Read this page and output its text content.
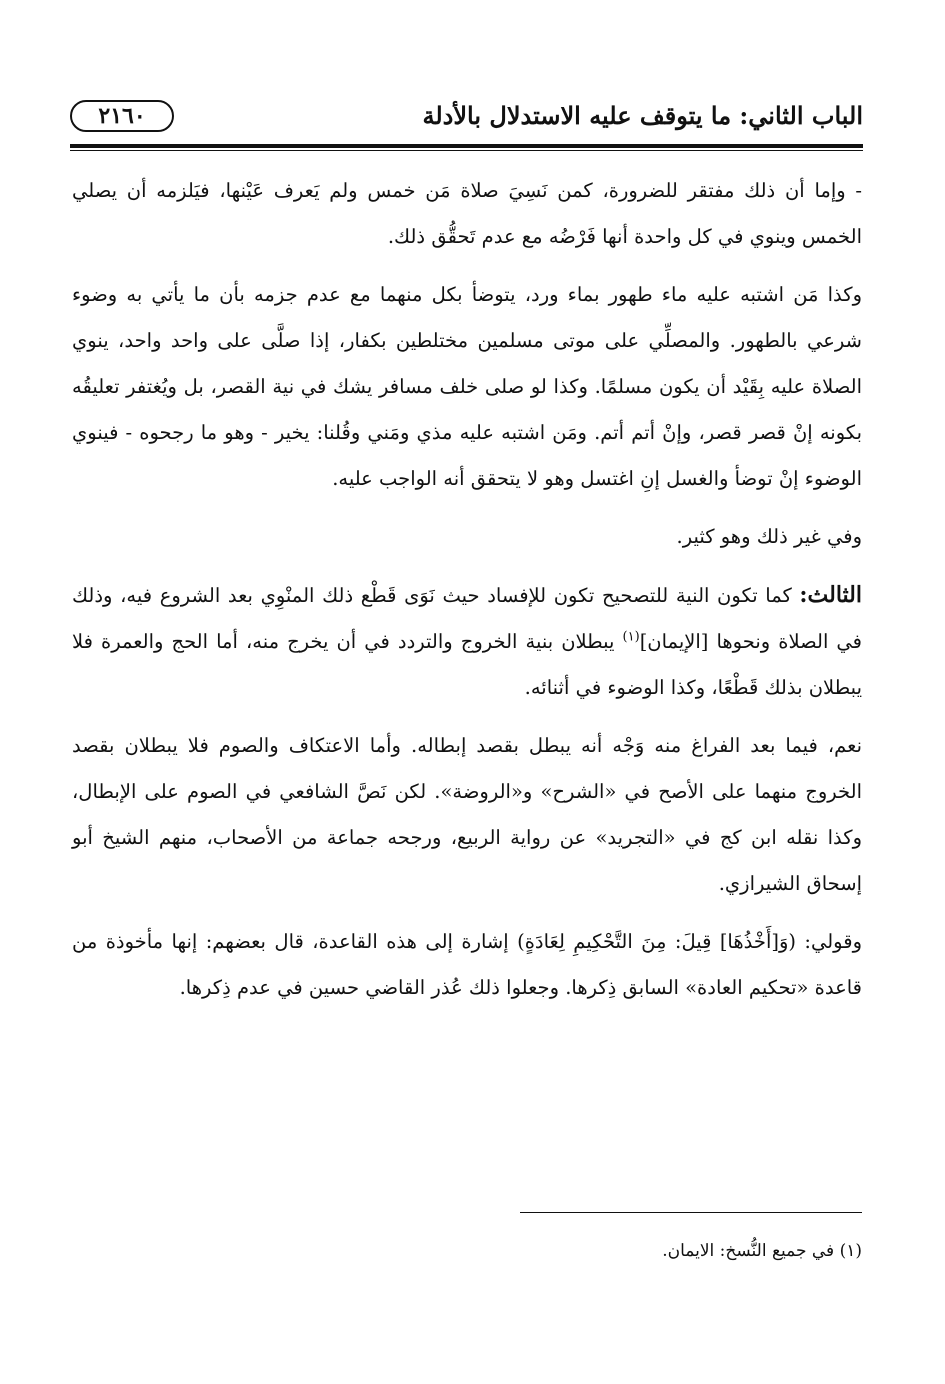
الباب الثاني: ما يتوقف عليه الاستدلال بالأدلة
٢١٦٠

- وإما أن ذلك مفتقر للضرورة، كمن نَسِيَ صلاة مَن خمس ولم يَعرف عَيْنها، فيَلزمه أن يصلي الخمس وينوي في كل واحدة أنها فَرْضُه مع عدم تَحقُّق ذلك.

وكذا مَن اشتبه عليه ماء طهور بماء ورد، يتوضأ بكل منهما مع عدم جزمه بأن ما يأتي به وضوء شرعي بالطهور. والمصلِّي على موتى مسلمين مختلطين بكفار، إذا صلَّى على واحد واحد، ينوي الصلاة عليه بِقَيْد أن يكون مسلمًا. وكذا لو صلى خلف مسافر يشك في نية القصر، بل ويُغتفر تعليقُه بكونه إنْ قصر قصر، وإنْ أتم أتم. ومَن اشتبه عليه مذي ومَني وقُلنا: يخير - وهو ما رجحوه - فينوي الوضوء إنْ توضأ والغسل إنِ اغتسل وهو لا يتحقق أنه الواجب عليه.

وفي غير ذلك وهو كثير.

الثالث: كما تكون النية للتصحيح تكون للإفساد حيث نَوَى قَطْع ذلك المنْوِي بعد الشروع فيه، وذلك في الصلاة ونحوها [الإيمان]$^{(١)}$ يبطلان بنية الخروج والتردد في أن يخرج منه، أما الحج والعمرة فلا يبطلان بذلك قَطْعًا، وكذا الوضوء في أثنائه.

نعم، فيما بعد الفراغ منه وَجْه أنه يبطل بقصد إبطاله. وأما الاعتكاف والصوم فلا يبطلان بقصد الخروج منهما على الأصح في «الشرح» و«الروضة». لكن نَصَّ الشافعي في الصوم على الإبطال، وكذا نقله ابن كج في «التجريد» عن رواية الربيع، ورجحه جماعة من الأصحاب، منهم الشيخ أبو إسحاق الشيرازي.

وقولي: (وَ[أَخْذُهَا] قِيلَ: مِنَ التَّحْكِيمِ لِعَادَةٍ) إشارة إلى هذه القاعدة، قال بعضهم: إنها مأخوذة من قاعدة «تحكيم العادة» السابق ذِكرها. وجعلوا ذلك عُذر القاضي حسين في عدم ذِكرها.

(١) في جميع النُّسخ: الايمان.
